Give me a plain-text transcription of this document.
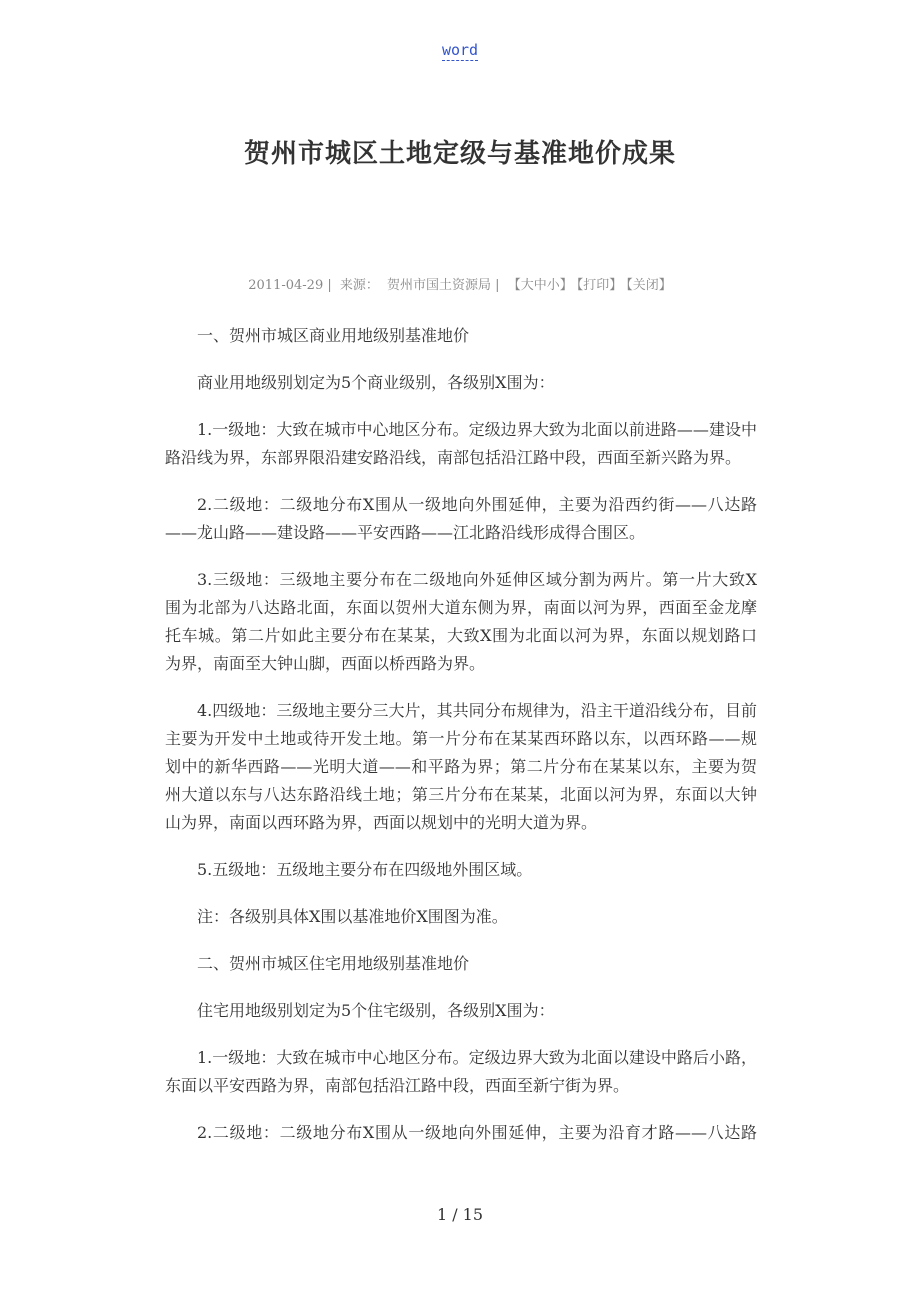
word
贺州市城区土地定级与基准地价成果
2011-04-29 | 来源： 贺州市国土资源局 | 【大中小】 【打印】 【关闭】
一、贺州市城区商业用地级别基准地价
商业用地级别划定为5个商业级别，各级别X围为：
1.一级地：大致在城市中心地区分布。定级边界大致为北面以前进路——建设中
路沿线为界，东部界限沿建安路沿线，南部包括沿江路中段，西面至新兴路为界。
2.二级地：二级地分布X围从一级地向外围延伸，主要为沿西约街——八达路
——龙山路——建设路——平安西路——江北路沿线形成得合围区。
3.三级地：三级地主要分布在二级地向外延伸区域分割为两片。第一片大致X
围为北部为八达路北面，东面以贺州大道东侧为界，南面以河为界，西面至金龙摩
托车城。第二片如此主要分布在某某，大致X围为北面以河为界，东面以规划路口
为界，南面至大钟山脚，西面以桥西路为界。
4.四级地：三级地主要分三大片，其共同分布规律为，沿主干道沿线分布，目前
主要为开发中土地或待开发土地。第一片分布在某某西环路以东，以西环路——规
划中的新华西路——光明大道——和平路为界；第二片分布在某某以东，主要为贺
州大道以东与八达东路沿线土地；第三片分布在某某，北面以河为界，东面以大钟
山为界，南面以西环路为界，西面以规划中的光明大道为界。
5.五级地：五级地主要分布在四级地外围区域。
注：各级别具体X围以基准地价X围图为准。
二、贺州市城区住宅用地级别基准地价
住宅用地级别划定为5个住宅级别，各级别X围为：
1.一级地：大致在城市中心地区分布。定级边界大致为北面以建设中路后小路，
东面以平安西路为界，南部包括沿江路中段，西面至新宁街为界。
2.二级地：二级地分布X围从一级地向外围延伸，主要为沿育才路——八达路
1 / 15
